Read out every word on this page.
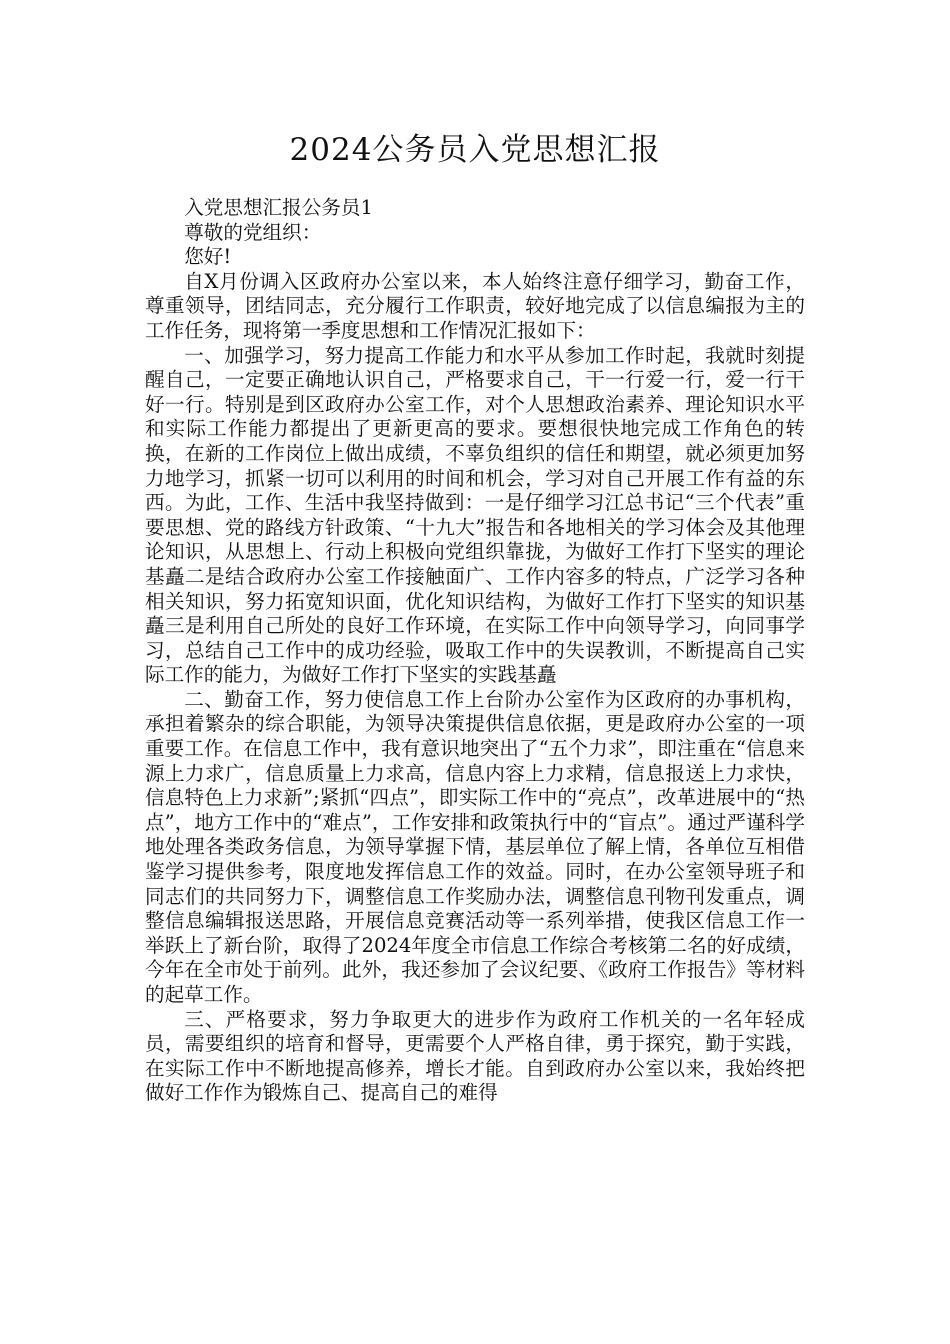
2024公务员入党思想汇报

入党思想汇报公务员1

尊敬的党组织：

您好!

自X月份调入区政府办公室以来，本人始终注意仔细学习，勤奋工作，尊重领导，团结同志，充分履行工作职责，较好地完成了以信息编报为主的工作任务，现将第一季度思想和工作情况汇报如下：

一、加强学习，努力提高工作能力和水平从参加工作时起，我就时刻提醒自己，一定要正确地认识自己，严格要求自己，干一行爱一行，爱一行干好一行。特别是到区政府办公室工作，对个人思想政治素养、理论知识水平和实际工作能力都提出了更新更高的要求。要想很快地完成工作角色的转换，在新的工作岗位上做出成绩，不辜负组织的信任和期望，就必须更加努力地学习，抓紧一切可以利用的时间和机会，学习对自己开展工作有益的东西。为此，工作、生活中我坚持做到：一是仔细学习江总书记“三个代表”重要思想、党的路线方针政策、“十九大”报告和各地相关的学习体会及其他理论知识，从思想上、行动上积极向党组织靠拢，为做好工作打下坚实的理论基矗二是结合政府办公室工作接触面广、工作内容多的特点，广泛学习各种相关知识，努力拓宽知识面，优化知识结构，为做好工作打下坚实的知识基矗三是利用自己所处的良好工作环境，在实际工作中向领导学习，向同事学习，总结自己工作中的成功经验，吸取工作中的失误教训，不断提高自己实际工作的能力，为做好工作打下坚实的实践基矗

二、勤奋工作，努力使信息工作上台阶办公室作为区政府的办事机构，承担着繁杂的综合职能，为领导决策提供信息依据，更是政府办公室的一项重要工作。在信息工作中，我有意识地突出了“五个力求”，即注重在“信息来源上力求广，信息质量上力求高，信息内容上力求精，信息报送上力求快，信息特色上力求新”;紧抓“四点”，即实际工作中的“亮点”，改革进展中的“热点”，地方工作中的“难点”，工作安排和政策执行中的“盲点”。通过严谨科学地处理各类政务信息，为领导掌握下情，基层单位了解上情，各单位互相借鉴学习提供参考，限度地发挥信息工作的效益。同时，在办公室领导班子和同志们的共同努力下，调整信息工作奖励办法，调整信息刊物刊发重点，调整信息编辑报送思路，开展信息竞赛活动等一系列举措，使我区信息工作一举跃上了新台阶，取得了2024年度全市信息工作综合考核第二名的好成绩，今年在全市处于前列。此外，我还参加了会议纪要、《政府工作报告》等材料的起草工作。

三、严格要求，努力争取更大的进步作为政府工作机关的一名年轻成员，需要组织的培育和督导，更需要个人严格自律，勇于探究，勤于实践，在实际工作中不断地提高修养，增长才能。自到政府办公室以来，我始终把做好工作作为锻炼自己、提高自己的难得
